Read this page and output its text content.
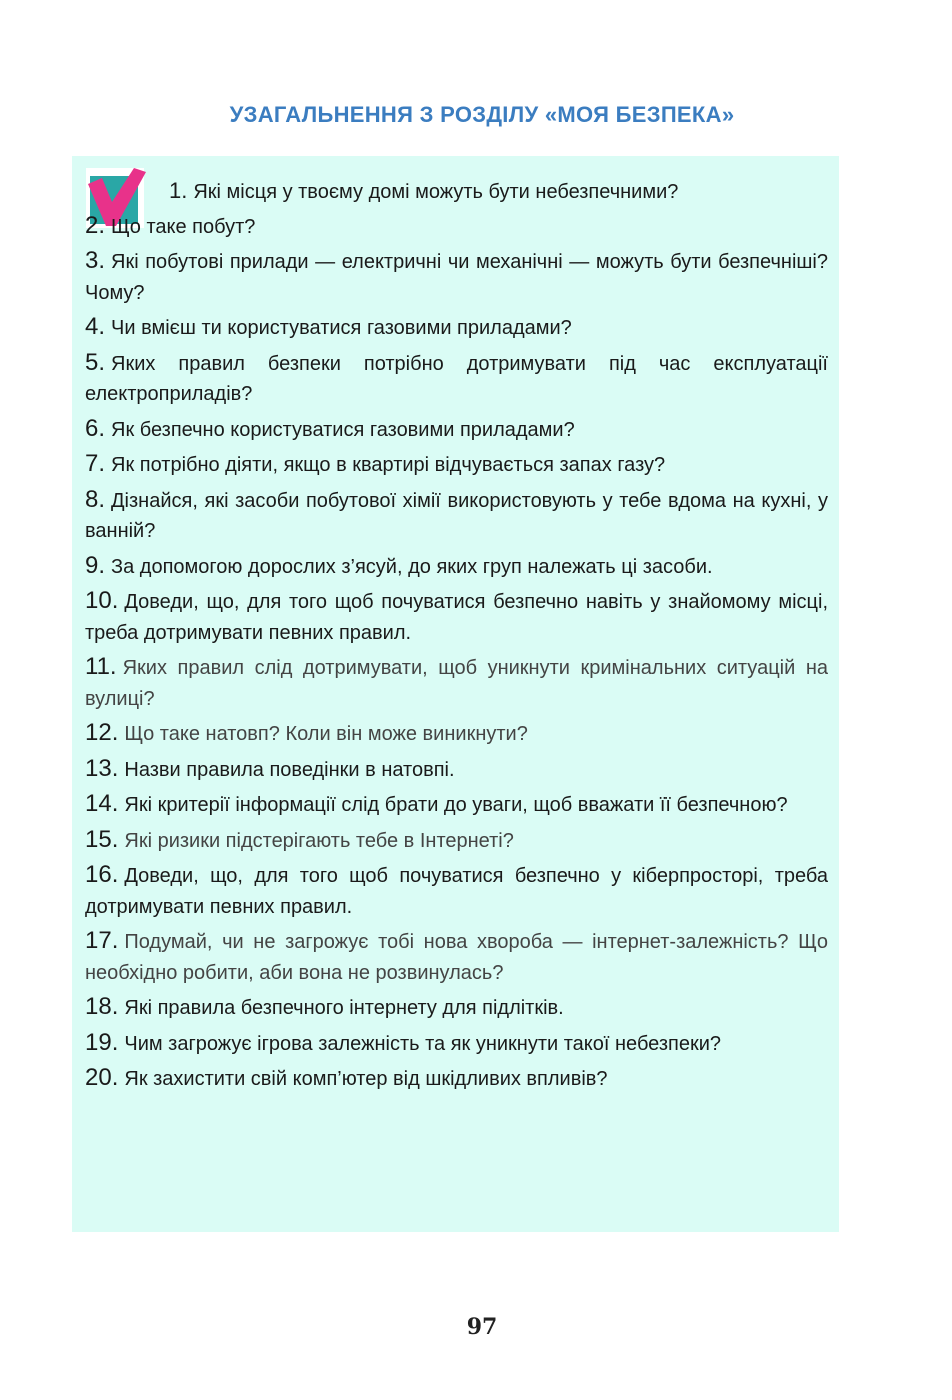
УЗАГАЛЬНЕННЯ З РОЗДІЛУ «МОЯ БЕЗПЕКА»
1. Які місця у твоєму домі можуть бути небезпечними?
2. Що таке побут?
3. Які побутові прилади — електричні чи механічні — можуть бути безпечніші? Чому?
4. Чи вмієш ти користуватися газовими приладами?
5. Яких правил безпеки потрібно дотримувати під час експлуатації електроприладів?
6. Як безпечно користуватися газовими приладами?
7. Як потрібно діяти, якщо в квартирі відчувається запах газу?
8. Дізнайся, які засоби побутової хімії використовують у тебе вдома на кухні, у ванній?
9. За допомогою дорослих з’ясуй, до яких груп належать ці засоби.
10. Доведи, що, для того щоб почуватися безпечно навіть у знайомому місці, треба дотримувати певних правил.
11. Яких правил слід дотримувати, щоб уникнути кримінальних ситуацій на вулиці?
12. Що таке натовп? Коли він може виникнути?
13. Назви правила поведінки в натовпі.
14. Які критерії інформації слід брати до уваги, щоб вважати її безпечною?
15. Які ризики підстерігають тебе в Інтернеті?
16. Доведи, що, для того щоб почуватися безпечно у кіберпросторі, треба дотримувати певних правил.
17. Подумай, чи не загрожує тобі нова хвороба — інтернет-залежність? Що необхідно робити, аби вона не розвинулась?
18. Які правила безпечного інтернету для підлітків.
19. Чим загрожує ігрова залежність та як уникнути такої небезпеки?
20. Як захистити свій комп’ютер від шкідливих впливів?
97
